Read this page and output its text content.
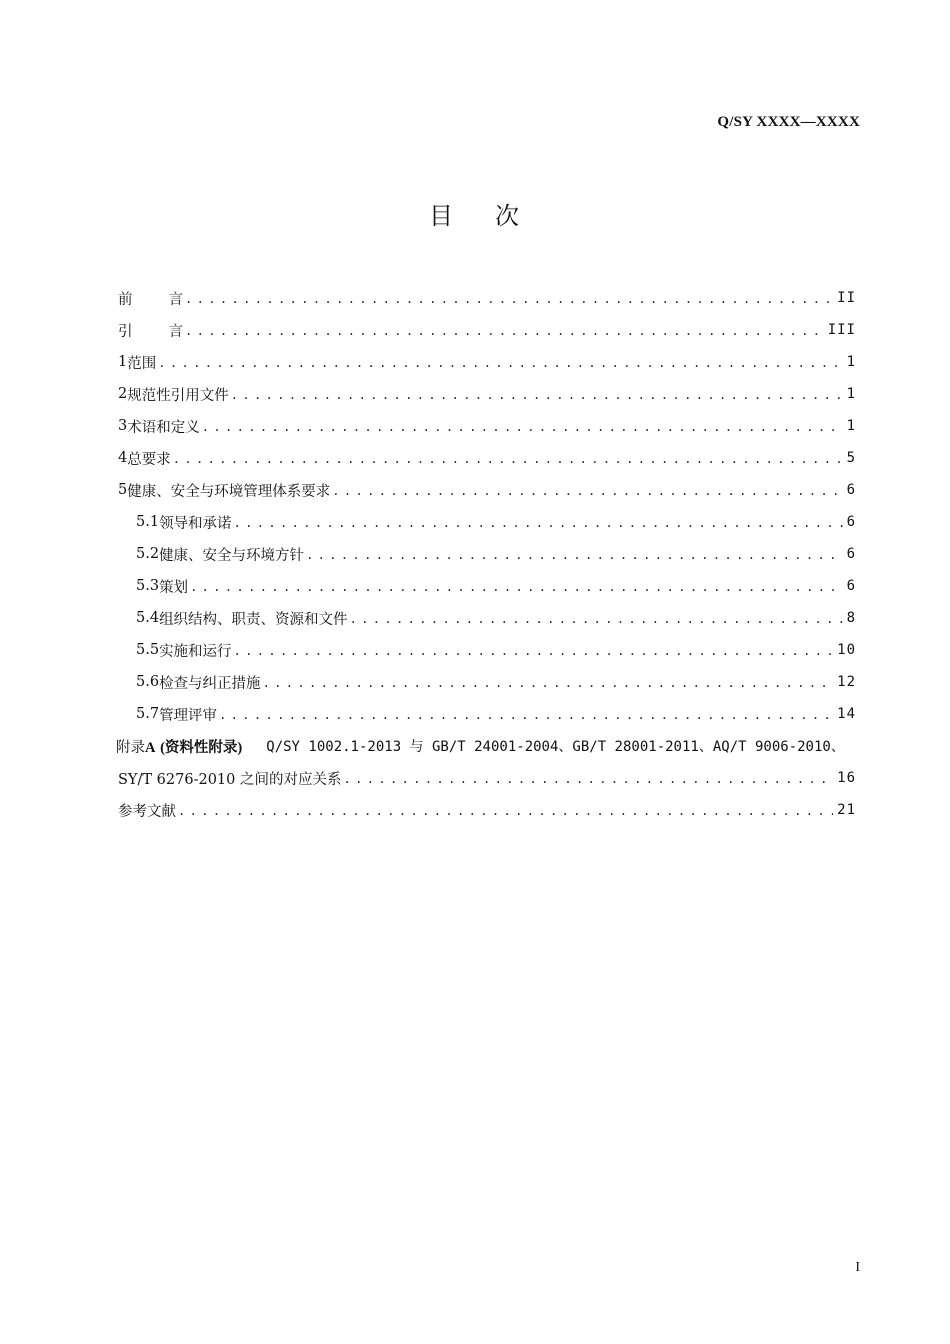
Q/SY XXXX—XXXX
目 次
前 言 .....	II
引 言 .....	III
1 范围 .....	1
2 规范性引用文件 .....	1
3 术语和定义 .....	1
4 总要求 .....	5
5 健康、安全与环境管理体系要求 .....	6
5.1 领导和承诺 .....	6
5.2 健康、安全与环境方针 .....	6
5.3 策划 .....	6
5.4 组织结构、职责、资源和文件 .....	8
5.5 实施和运行 .....	10
5.6 检查与纠正措施 .....	12
5.7 管理评审 .....	14
附录A (资料性附录) Q/SY 1002.1-2013 与 GB/T 24001-2004、GB/T 28001-2011、AQ/T 9006-2010、
SY/T 6276-2010 之间的对应关系 .....	16
参考文献 .....	21
I
